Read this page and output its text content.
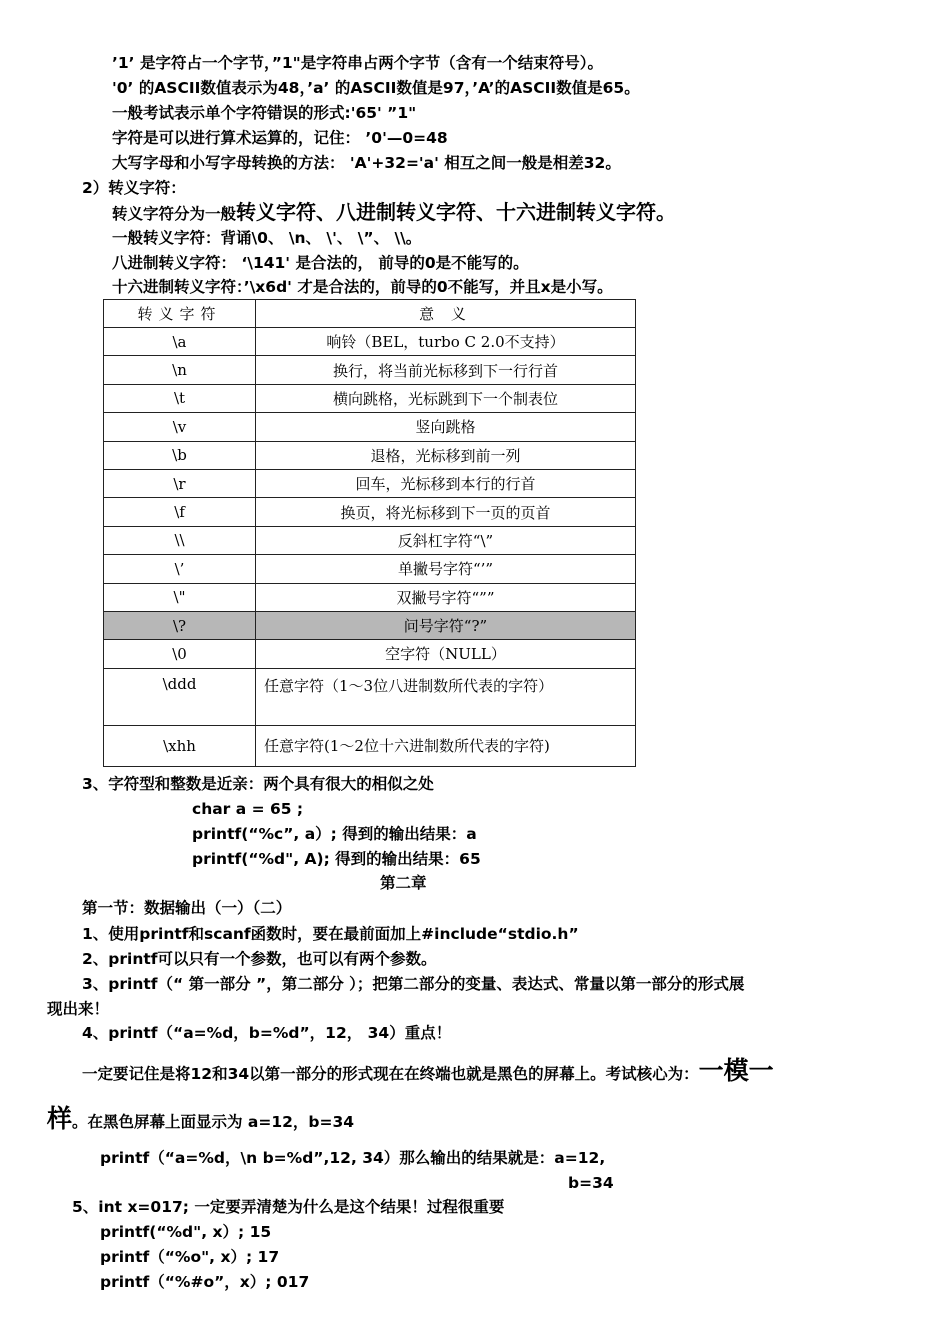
’1’ 是字符占一个字节，”1"是字符串占两个字节（含有一个结束符号）。
'0’ 的ASCII数值表示为48，’a’ 的ASCII数值是97，’A’的ASCII数值是65。
一般考试表示单个字符错误的形式:'65' ”1"
字符是可以进行算术运算的，记住： ’0'—0=48
大写字母和小写字母转换的方法： 'A'+32='a' 相互之间一般是相差32。
2）转义字符：
转义字符分为一般转义字符、八进制转义字符、十六进制转义字符。
一般转义字符：背诵\0、 \n、 \'、 \”、 \\。
八进制转义字符： ‘\141' 是合法的， 前导的0是不能写的。
十六进制转义字符：’\x6d' 才是合法的，前导的0不能写，并且x是小写。
转义字符	意 义
\a	响铃（BEL，turbo C 2.0不支持）
\n	换行，将当前光标移到下一行行首
\t	横向跳格，光标跳到下一个制表位
\v	竖向跳格
\b	退格，光标移到前一列
\r	回车，光标移到本行的行首
\f	换页，将光标移到下一页的页首
\\	反斜杠字符“\”
\’	单撇号字符“’”
\"	双撇号字符“””
\?	问号字符“?”
\0	空字符（NULL）
\ddd	任意字符（1～3位八进制数所代表的字符）
\xhh	任意字符(1～2位十六进制数所代表的字符)
3、字符型和整数是近亲：两个具有很大的相似之处
char a = 65 ;
printf(“%c”, a）; 得到的输出结果：a
printf(“%d", A); 得到的输出结果：65
第二章
第一节：数据输出（一）（二）
1、使用printf和scanf函数时，要在最前面加上#include“stdio.h”
2、printf可以只有一个参数，也可以有两个参数。
3、printf（“ 第一部分 ”，第二部分 ）；把第二部分的变量、表达式、常量以第一部分的形式展
现出来！
4、printf（“a=%d，b=%d”，12， 34）重点！
一定要记住是将12和34以第一部分的形式现在在终端也就是黑色的屏幕上。考试核心为：一模一
样。在黑色屏幕上面显示为 a=12，b=34
printf（“a=%d，\n b=%d”,12, 34）那么输出的结果就是：a=12,
b=34
5、int x=017; 一定要弄清楚为什么是这个结果！过程很重要
printf(“%d", x）; 15
printf（“%o", x）; 17
printf（“%#o”，x）; 017
